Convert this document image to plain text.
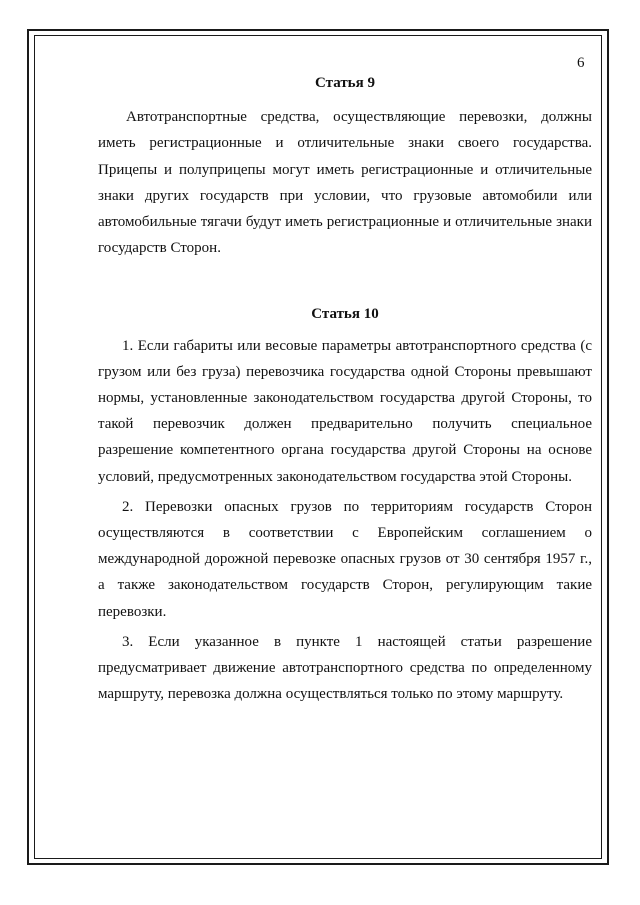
6

Статья 9

Автотранспортные средства, осуществляющие перевозки, должны иметь регистрационные и отличительные знаки своего государства. Прицепы и полуприцепы могут иметь регистрационные и отличительные знаки других государств при условии, что грузовые автомобили или автомобильные тягачи будут иметь регистрационные и отличительные знаки государств Сторон.

Статья 10

1. Если габариты или весовые параметры автотранспортного средства (с грузом или без груза) перевозчика государства одной Стороны превышают нормы, установленные законодательством государства другой Стороны, то такой перевозчик должен предварительно получить специальное разрешение компетентного органа государства другой Стороны на основе условий, предусмотренных законодательством государства этой Стороны.

2. Перевозки опасных грузов по территориям государств Сторон осуществляются в соответствии с Европейским соглашением о международной дорожной перевозке опасных грузов от 30 сентября 1957 г., а также законодательством государств Сторон, регулирующим такие перевозки.

3. Если указанное в пункте 1 настоящей статьи разрешение предусматривает движение автотранспортного средства по определенному маршруту, перевозка должна осуществляться только по этому маршруту.
